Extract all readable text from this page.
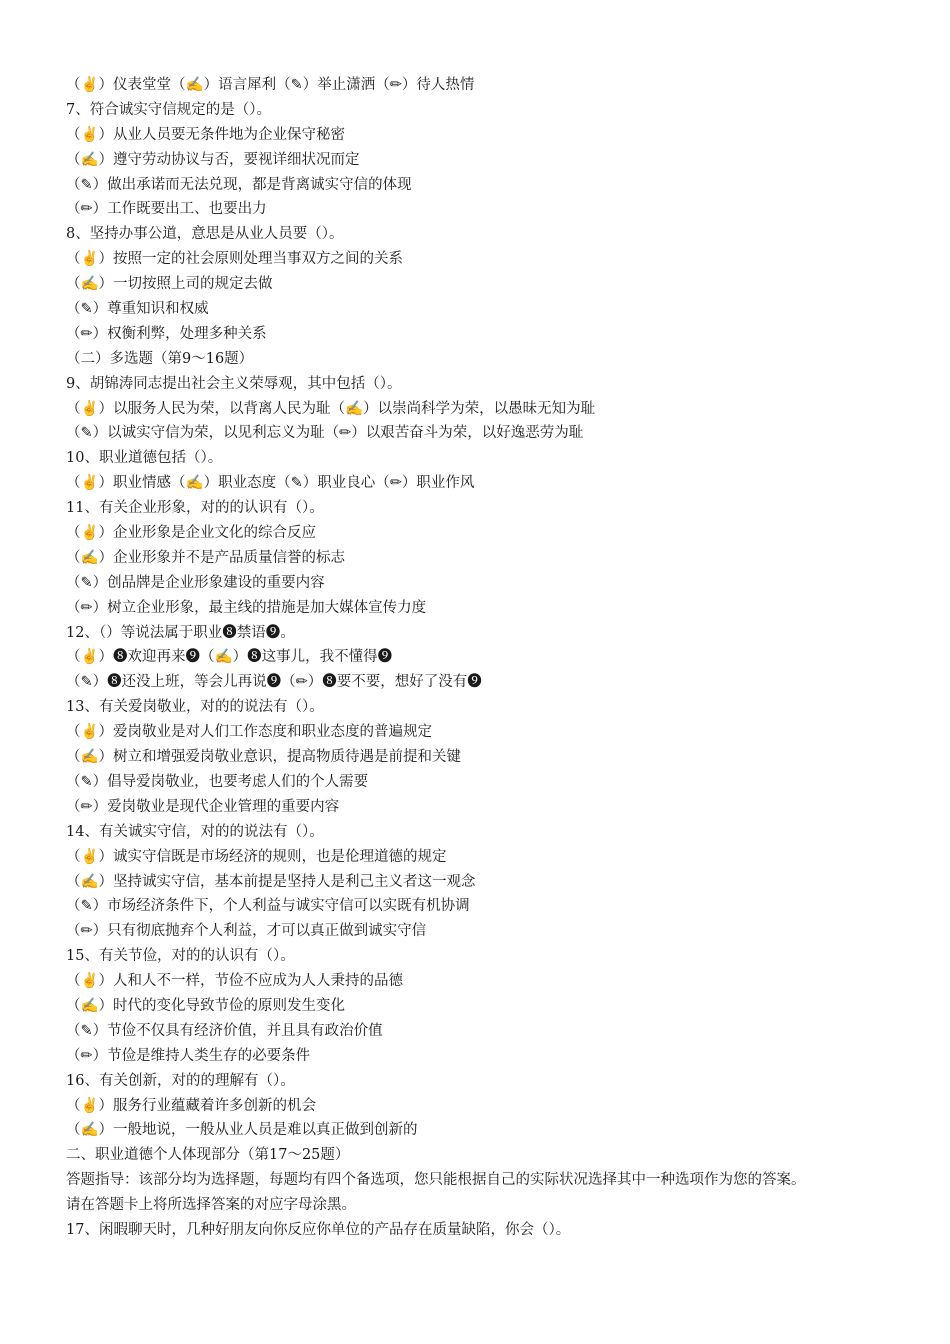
（✌）仪表堂堂（✍）语言犀利（✎）举止潇洒（✏）待人热情
7、符合诚实守信规定的是（）。
（✌）从业人员要无条件地为企业保守秘密
（✍）遵守劳动协议与否，要视详细状况而定
（✎）做出承诺而无法兑现，都是背离诚实守信的体现
（✏）工作既要出工、也要出力
8、坚持办事公道，意思是从业人员要（）。
（✌）按照一定的社会原则处理当事双方之间的关系
（✍）一切按照上司的规定去做
（✎）尊重知识和权威
（✏）权衡利弊，处理多种关系
（二）多选题（第9～16题）
9、胡锦涛同志提出社会主义荣辱观，其中包括（）。
（✌）以服务人民为荣，以背离人民为耻（✍）以崇尚科学为荣，以愚昧无知为耻
（✎）以诚实守信为荣，以见利忘义为耻（✏）以艰苦奋斗为荣，以好逸恶劳为耻
10、职业道德包括（）。
（✌）职业情感（✍）职业态度（✎）职业良心（✏）职业作风
11、有关企业形象，对的的认识有（）。
（✌）企业形象是企业文化的综合反应
（✍）企业形象并不是产品质量信誉的标志
（✎）创品牌是企业形象建设的重要内容
（✏）树立企业形象，最主线的措施是加大媒体宣传力度
12、（）等说法属于职业❽禁语❾。
（✌）❽欢迎再来❾（✍）❽这事儿，我不懂得❾
（✎）❽还没上班，等会儿再说❾（✏）❽要不要，想好了没有❾
13、有关爱岗敬业，对的的说法有（）。
（✌）爱岗敬业是对人们工作态度和职业态度的普遍规定
（✍）树立和增强爱岗敬业意识，提高物质待遇是前提和关键
（✎）倡导爱岗敬业，也要考虑人们的个人需要
（✏）爱岗敬业是现代企业管理的重要内容
14、有关诚实守信，对的的说法有（）。
（✌）诚实守信既是市场经济的规则，也是伦理道德的规定
（✍）坚持诚实守信，基本前提是坚持人是利己主义者这一观念
（✎）市场经济条件下，个人利益与诚实守信可以实既有机协调
（✏）只有彻底抛弃个人利益，才可以真正做到诚实守信
15、有关节俭，对的的认识有（）。
（✌）人和人不一样，节俭不应成为人人秉持的品德
（✍）时代的变化导致节俭的原则发生变化
（✎）节俭不仅具有经济价值，并且具有政治价值
（✏）节俭是维持人类生存的必要条件
16、有关创新，对的的理解有（）。
（✌）服务行业蕴藏着许多创新的机会
（✍）一般地说，一般从业人员是难以真正做到创新的
二、职业道德个人体现部分（第17～25题）
答题指导：该部分均为选择题，每题均有四个备选项，您只能根据自己的实际状况选择其中一种选项作为您的答案。
请在答题卡上将所选择答案的对应字母涂黑。
17、闲暇聊天时，几种好朋友向你反应你单位的产品存在质量缺陷，你会（）。
